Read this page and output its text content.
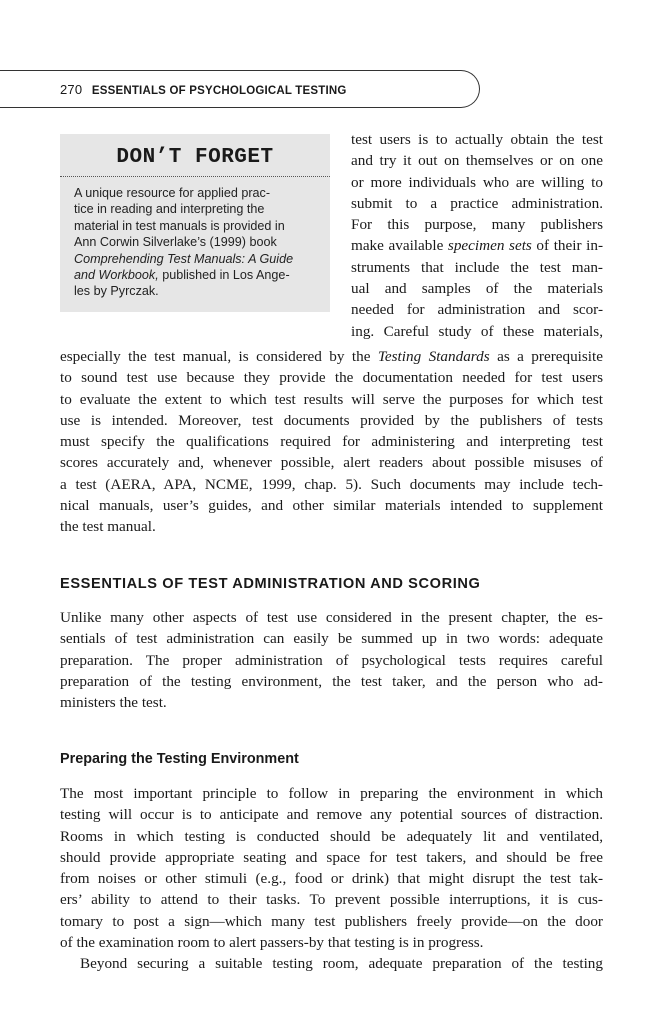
270 ESSENTIALS OF PSYCHOLOGICAL TESTING
DON’T FORGET
A unique resource for applied prac-
tice in reading and interpreting the
material in test manuals is provided in
Ann Corwin Silverlake’s (1999) book
Comprehending Test Manuals: A Guide
and Workbook, published in Los Ange-
les by Pyrczak.
test users is to actually obtain the test
and try it out on themselves or on one
or more individuals who are willing to
submit to a practice administration.
For this purpose, many publishers
make available specimen sets of their in-
struments that include the test man-
ual and samples of the materials
needed for administration and scor-
ing. Careful study of these materials,
especially the test manual, is considered by the Testing Standards as a prerequisite
to sound test use because they provide the documentation needed for test users
to evaluate the extent to which test results will serve the purposes for which test
use is intended. Moreover, test documents provided by the publishers of tests
must specify the qualifications required for administering and interpreting test
scores accurately and, whenever possible, alert readers about possible misuses of
a test (AERA, APA, NCME, 1999, chap. 5). Such documents may include tech-
nical manuals, user’s guides, and other similar materials intended to supplement
the test manual.
ESSENTIALS OF TEST ADMINISTRATION AND SCORING
Unlike many other aspects of test use considered in the present chapter, the es-
sentials of test administration can easily be summed up in two words: adequate
preparation. The proper administration of psychological tests requires careful
preparation of the testing environment, the test taker, and the person who ad-
ministers the test.
Preparing the Testing Environment
The most important principle to follow in preparing the environment in which
testing will occur is to anticipate and remove any potential sources of distraction.
Rooms in which testing is conducted should be adequately lit and ventilated,
should provide appropriate seating and space for test takers, and should be free
from noises or other stimuli (e.g., food or drink) that might disrupt the test tak-
ers’ ability to attend to their tasks. To prevent possible interruptions, it is cus-
tomary to post a sign—which many test publishers freely provide—on the door
of the examination room to alert passers-by that testing is in progress.
Beyond securing a suitable testing room, adequate preparation of the testing
